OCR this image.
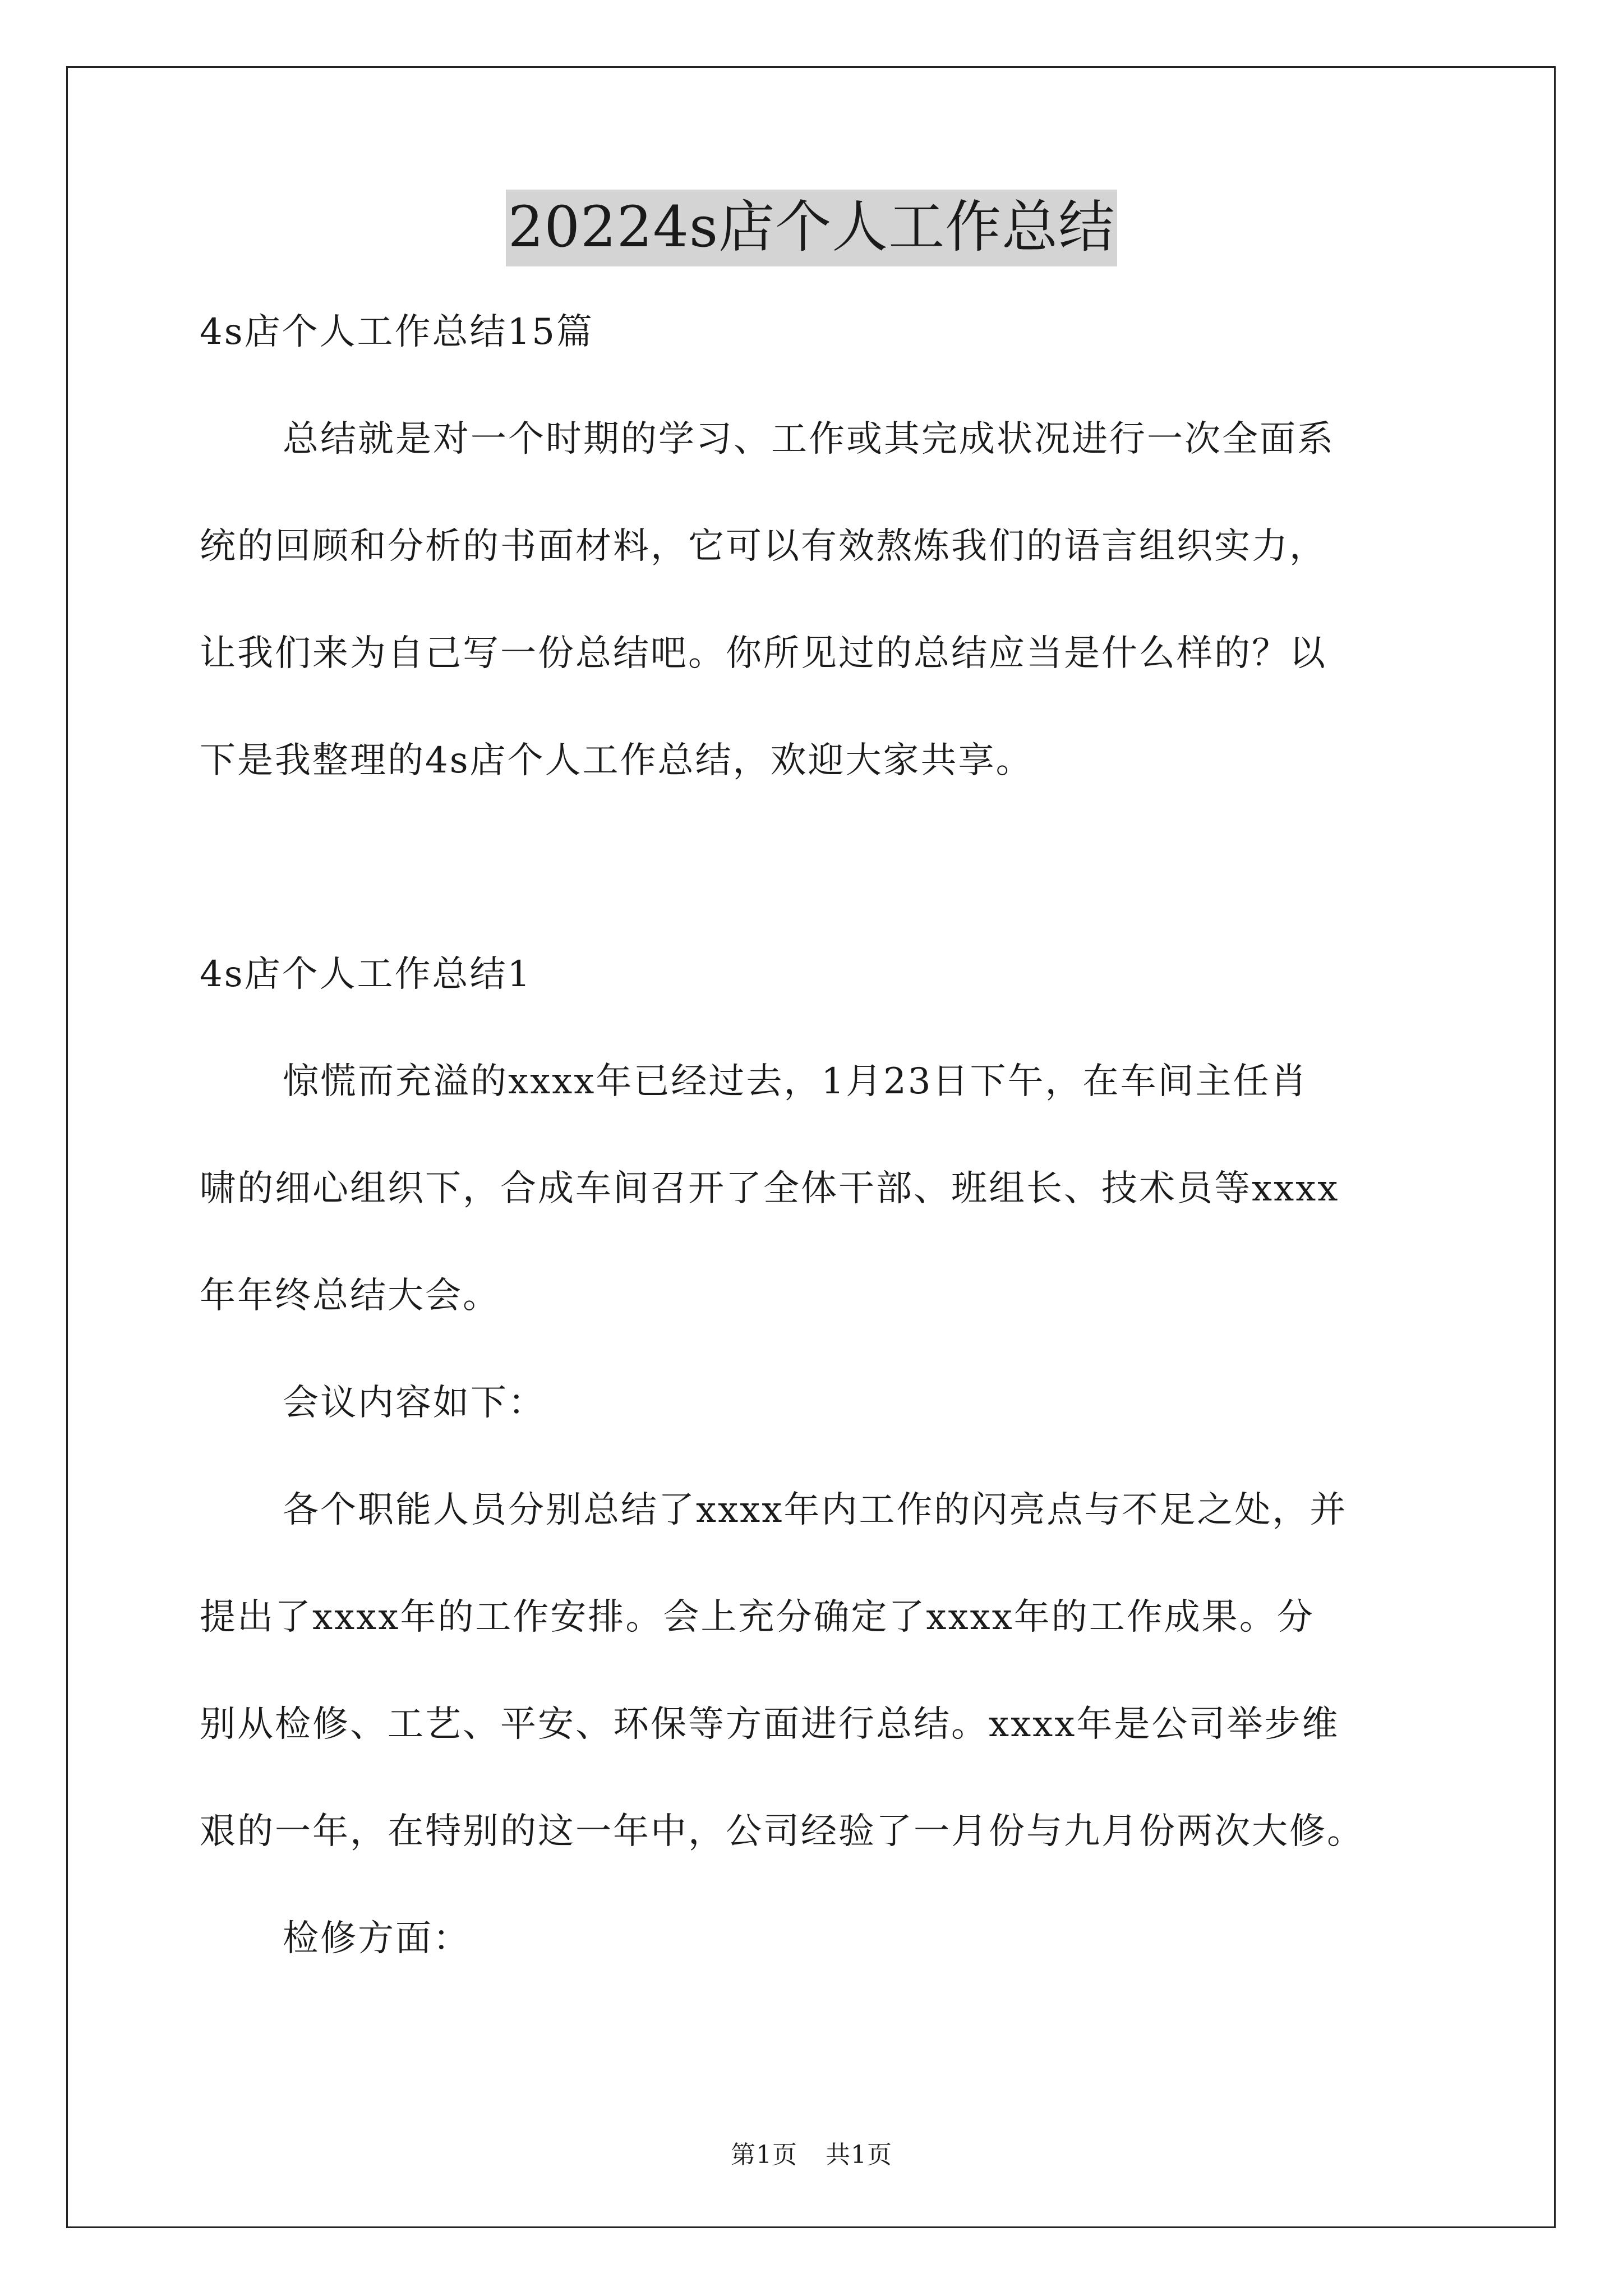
20224s店个人工作总结
4s店个人工作总结15篇
总结就是对一个时期的学习、工作或其完成状况进行一次全面系
统的回顾和分析的书面材料，它可以有效熬炼我们的语言组织实力，
让我们来为自己写一份总结吧。你所见过的总结应当是什么样的？以
下是我整理的4s店个人工作总结，欢迎大家共享。
4s店个人工作总结1
惊慌而充溢的xxxx年已经过去，1月23日下午，在车间主任肖
啸的细心组织下，合成车间召开了全体干部、班组长、技术员等xxxx
年年终总结大会。
会议内容如下：
各个职能人员分别总结了xxxx年内工作的闪亮点与不足之处，并
提出了xxxx年的工作安排。会上充分确定了xxxx年的工作成果。分
别从检修、工艺、平安、环保等方面进行总结。xxxx年是公司举步维
艰的一年，在特别的这一年中，公司经验了一月份与九月份两次大修。
检修方面：
第1页 共1页
